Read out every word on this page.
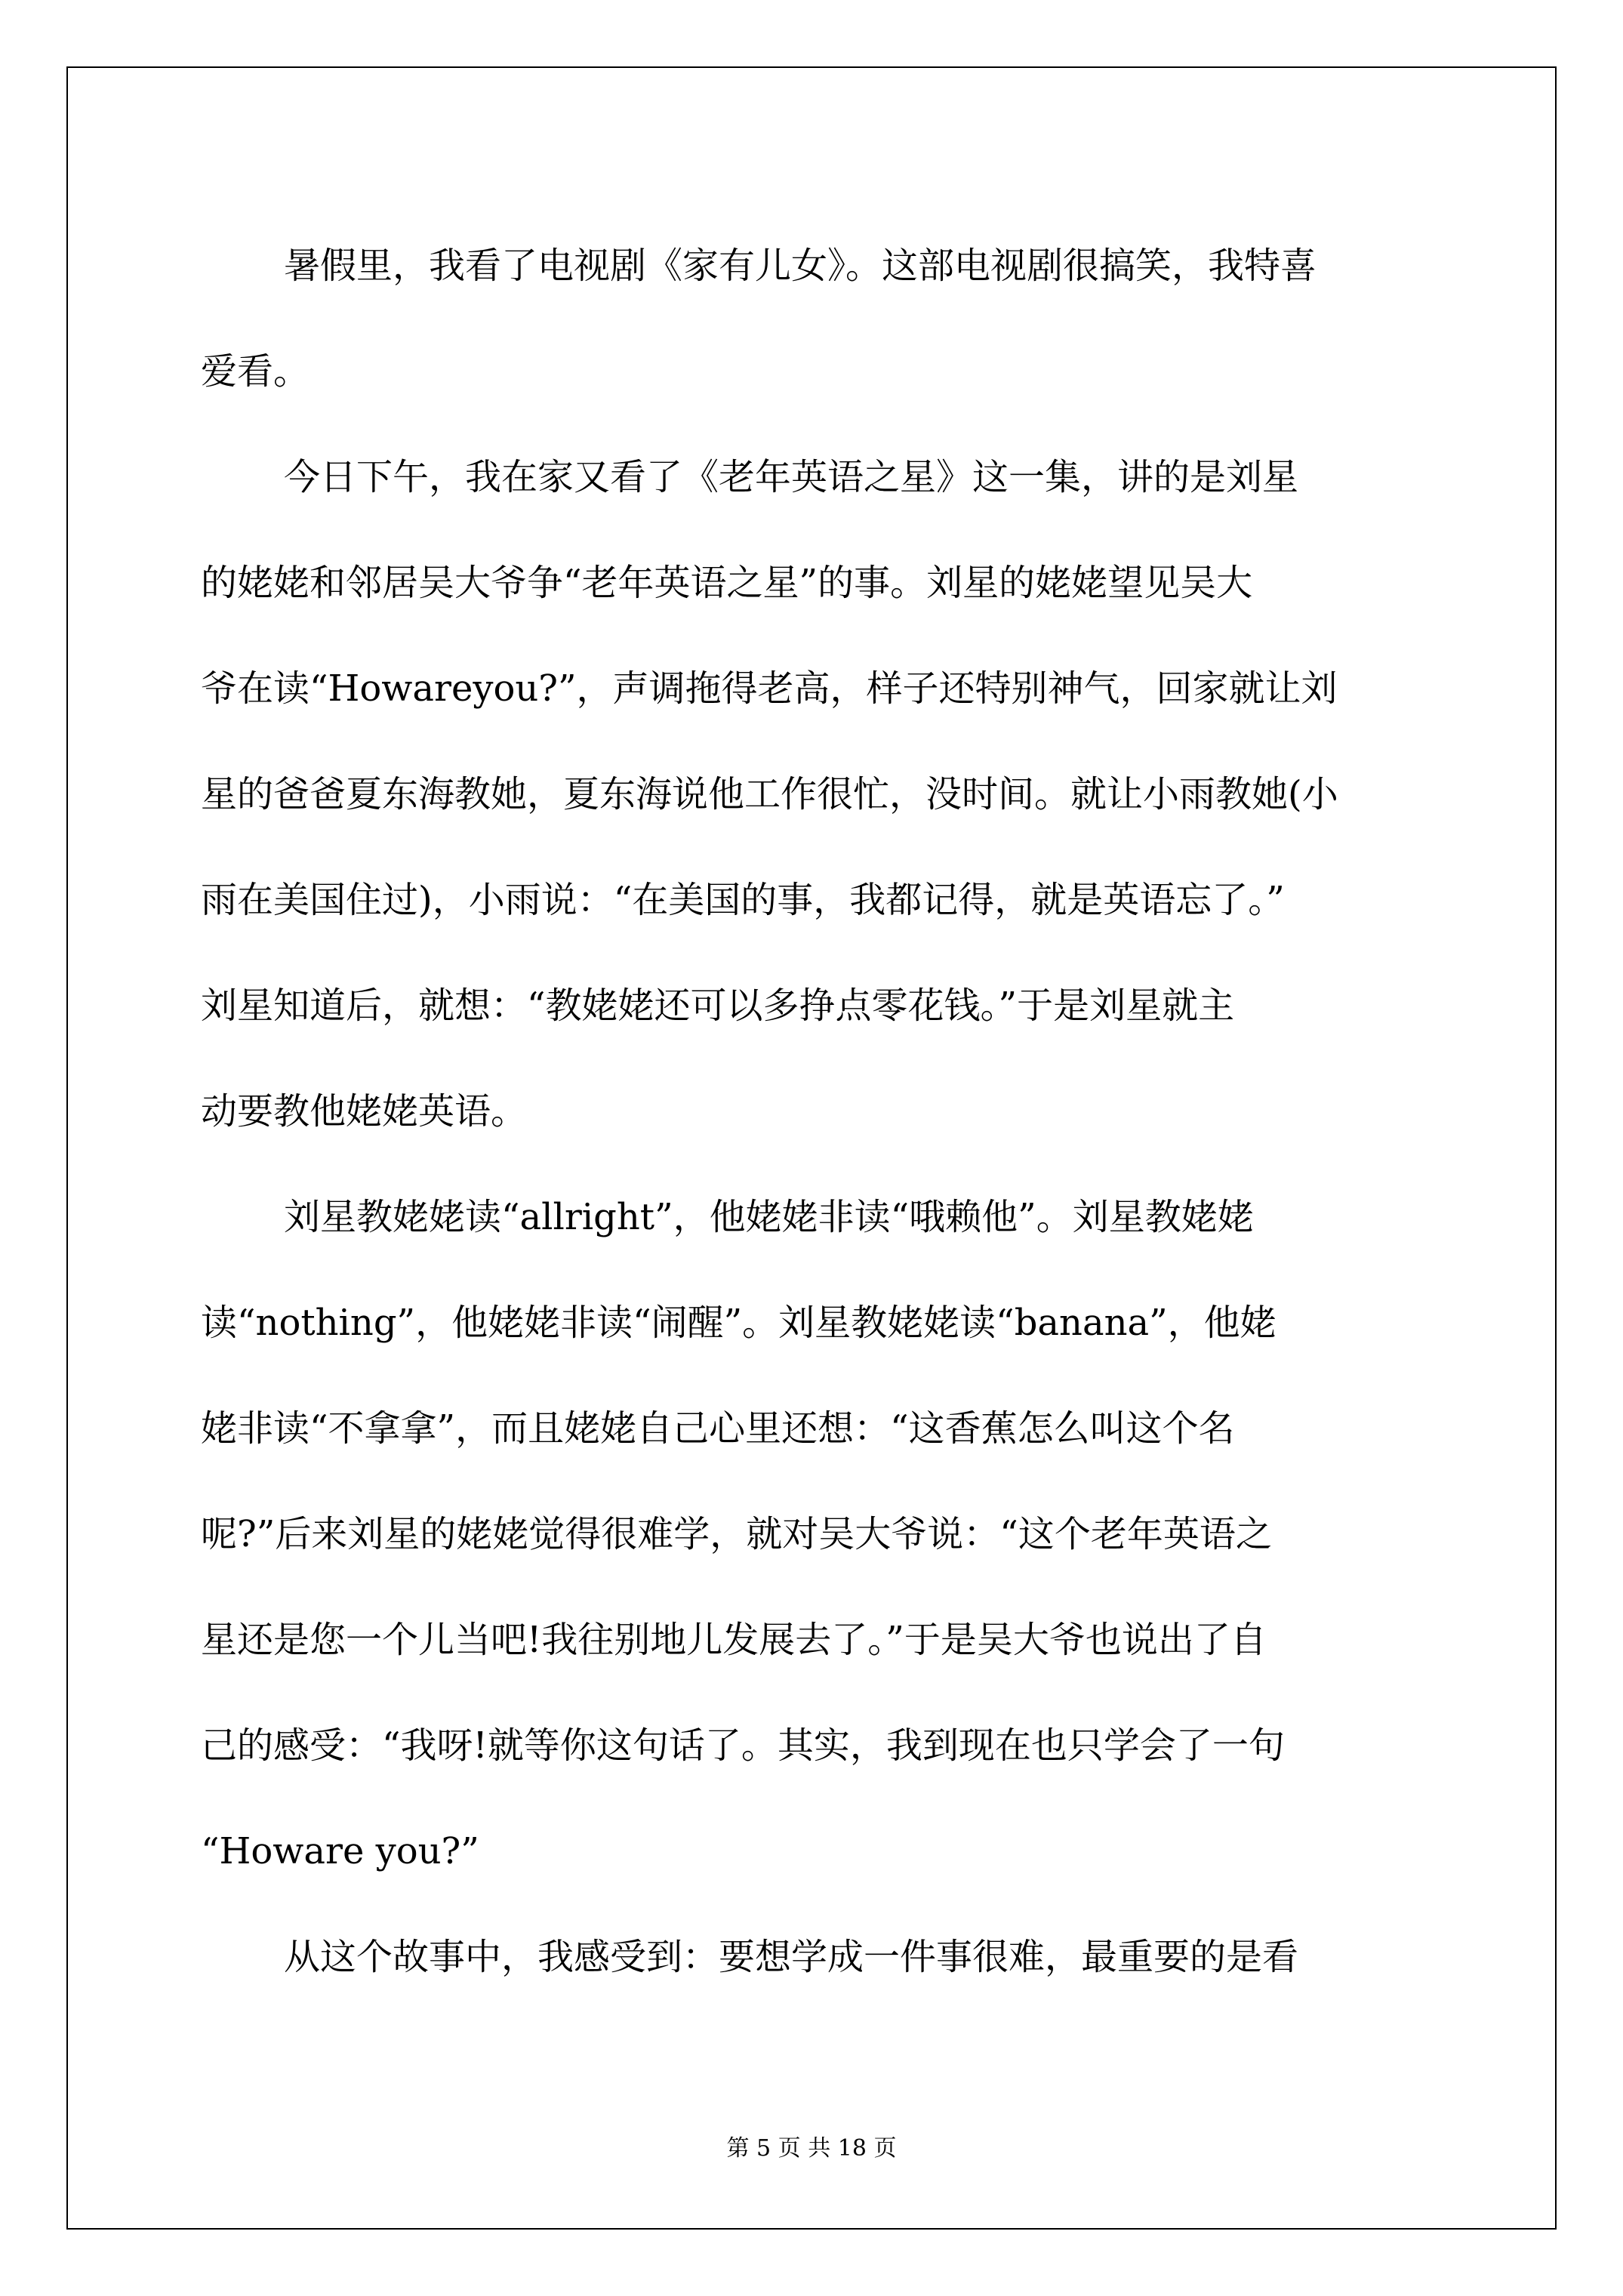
暑假里，我看了电视剧《家有儿女》。这部电视剧很搞笑，我特喜
爱看。
今日下午，我在家又看了《老年英语之星》这一集，讲的是刘星
的姥姥和邻居吴大爷争“老年英语之星”的事。刘星的姥姥望见吴大
爷在读“Howareyou?”，声调拖得老高，样子还特别神气，回家就让刘
星的爸爸夏东海教她，夏东海说他工作很忙，没时间。就让小雨教她(小
雨在美国住过)，小雨说：“在美国的事，我都记得，就是英语忘了。”
刘星知道后，就想：“教姥姥还可以多挣点零花钱。”于是刘星就主
动要教他姥姥英语。
刘星教姥姥读“allright”，他姥姥非读“哦赖他”。刘星教姥姥
读“nothing”，他姥姥非读“闹醒”。刘星教姥姥读“banana”，他姥
姥非读“不拿拿”，而且姥姥自己心里还想：“这香蕉怎么叫这个名
呢?”后来刘星的姥姥觉得很难学，就对吴大爷说：“这个老年英语之
星还是您一个儿当吧!我往别地儿发展去了。”于是吴大爷也说出了自
己的感受：“我呀!就等你这句话了。其实，我到现在也只学会了一句
“Howare you?”
从这个故事中，我感受到：要想学成一件事很难，最重要的是看
第 5 页 共 18 页
